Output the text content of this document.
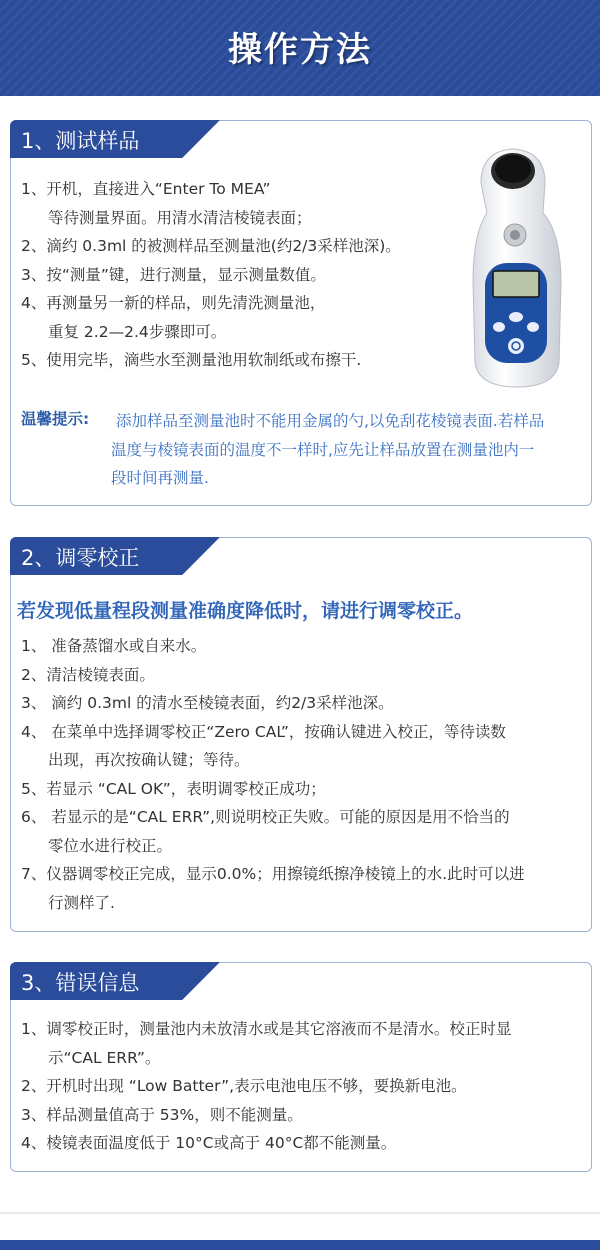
操作方法
1、测试样品
1、开机，直接进入“Enter To MEA”
等待测量界面。用清水清洁棱镜表面；
2、滴约 0.3ml 的被测样品至测量池(约2/3采样池深)。
3、按“测量”键，进行测量，显示测量数值。
4、再测量另一新的样品，则先清洗测量池，
重复 2.2—2.4步骤即可。
5、使用完毕，滴些水至测量池用软制纸或布擦干.
温馨提示: 添加样品至测量池时不能用金属的勺,以免刮花棱镜表面.若样品
温度与棱镜表面的温度不一样时,应先让样品放置在测量池内一
段时间再测量.
2、调零校正
若发现低量程段测量准确度降低时，请进行调零校正。
1、 准备蒸馏水或自来水。
2、清洁棱镜表面。
3、 滴约 0.3ml 的清水至棱镜表面，约2/3采样池深。
4、 在菜单中选择调零校正“Zero CAL”，按确认键进入校正，等待读数
出现，再次按确认键；等待。
5、若显示 “CAL OK”，表明调零校正成功；
6、 若显示的是“CAL ERR”,则说明校正失败。可能的原因是用不恰当的
零位水进行校正。
7、仪器调零校正完成，显示0.0%；用擦镜纸擦净棱镜上的水.此时可以进
行测样了.
3、错误信息
1、调零校正时，测量池内未放清水或是其它溶液而不是清水。校正时显
示“CAL ERR”。
2、开机时出现 “Low Batter”,表示电池电压不够，要换新电池。
3、样品测量值高于 53%，则不能测量。
4、棱镜表面温度低于 10°C或高于 40°C都不能测量。
